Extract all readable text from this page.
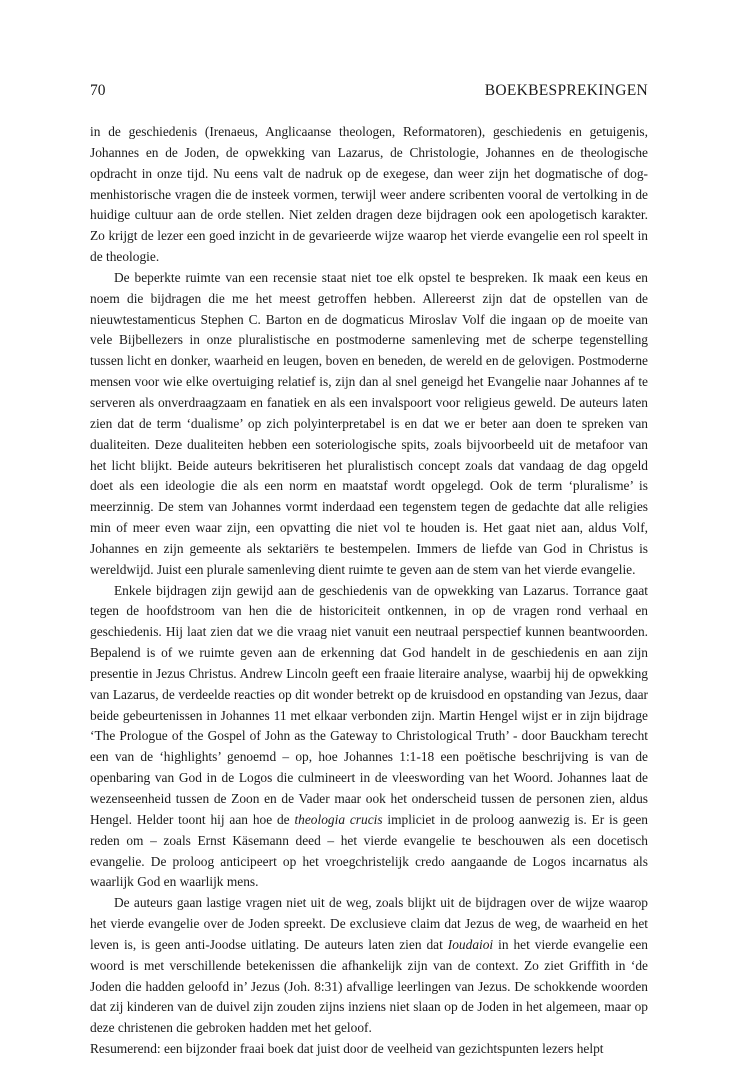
70	BOEKBESPREKINGEN

in de geschiedenis (Irenaeus, Anglicaanse theologen, Reformatoren), geschiedenis en getuigenis, Johannes en de Joden, de opwekking van Lazarus, de Christologie, Johannes en de theologische opdracht in onze tijd. Nu eens valt de nadruk op de exegese, dan weer zijn het dogmatische of dogmenhistorische vragen die de insteek vormen, terwijl weer andere scribenten vooral de vertolking in de huidige cultuur aan de orde stellen. Niet zelden dragen deze bijdragen ook een apologetisch karakter. Zo krijgt de lezer een goed inzicht in de gevarieerde wijze waarop het vierde evangelie een rol speelt in de theologie.

De beperkte ruimte van een recensie staat niet toe elk opstel te bespreken. Ik maak een keus en noem die bijdragen die me het meest getroffen hebben. Allereerst zijn dat de opstellen van de nieuwtestamenticus Stephen C. Barton en de dogmaticus Miroslav Volf die ingaan op de moeite van vele Bijbellezers in onze pluralistische en postmoderne samenleving met de scherpe tegenstelling tussen licht en donker, waarheid en leugen, boven en beneden, de wereld en de gelovigen. Postmoderne mensen voor wie elke overtuiging relatief is, zijn dan al snel geneigd het Evangelie naar Johannes af te serveren als onverdraagzaam en fanatiek en als een invalspoort voor religieus geweld. De auteurs laten zien dat de term ‘dualisme’ op zich polyinterpretabel is en dat we er beter aan doen te spreken van dualiteiten. Deze dualiteiten hebben een soteriologische spits, zoals bijvoorbeeld uit de metafoor van het licht blijkt. Beide auteurs bekritiseren het pluralistisch concept zoals dat vandaag de dag opgeld doet als een ideologie die als een norm en maatstaf wordt opgelegd. Ook de term ‘pluralisme’ is meerzinnig. De stem van Johannes vormt inderdaad een tegenstem tegen de gedachte dat alle religies min of meer even waar zijn, een opvatting die niet vol te houden is. Het gaat niet aan, aldus Volf, Johannes en zijn gemeente als sektariërs te bestempelen. Immers de liefde van God in Christus is wereldwijd. Juist een plurale samenleving dient ruimte te geven aan de stem van het vierde evangelie.

Enkele bijdragen zijn gewijd aan de geschiedenis van de opwekking van Lazarus. Torrance gaat tegen de hoofdstroom van hen die de historiciteit ontkennen, in op de vragen rond verhaal en geschiedenis. Hij laat zien dat we die vraag niet vanuit een neutraal perspectief kunnen beantwoorden. Bepalend is of we ruimte geven aan de erkenning dat God handelt in de geschiedenis en aan zijn presentie in Jezus Christus. Andrew Lincoln geeft een fraaie literaire analyse, waarbij hij de opwekking van Lazarus, de verdeelde reacties op dit wonder betrekt op de kruisdood en opstanding van Jezus, daar beide gebeurtenissen in Johannes 11 met elkaar verbonden zijn. Martin Hengel wijst er in zijn bijdrage ‘The Prologue of the Gospel of John as the Gateway to Christological Truth’ - door Bauckham terecht een van de ‘highlights’ genoemd – op, hoe Johannes 1:1-18 een poëtische beschrijving is van de openbaring van God in de Logos die culmineert in de vleeswording van het Woord. Johannes laat de wezenseenheid tussen de Zoon en de Vader maar ook het onderscheid tussen de personen zien, aldus Hengel. Helder toont hij aan hoe de theologia crucis impliciet in de proloog aanwezig is. Er is geen reden om – zoals Ernst Käsemann deed – het vierde evangelie te beschouwen als een docetisch evangelie. De proloog anticipeert op het vroegchristelijk credo aangaande de Logos incarnatus als waarlijk God en waarlijk mens.

De auteurs gaan lastige vragen niet uit de weg, zoals blijkt uit de bijdragen over de wijze waarop het vierde evangelie over de Joden spreekt. De exclusieve claim dat Jezus de weg, de waarheid en het leven is, is geen anti-Joodse uitlating. De auteurs laten zien dat Ioudaioi in het vierde evangelie een woord is met verschillende betekenissen die afhankelijk zijn van de context. Zo ziet Griffith in ‘de Joden die hadden geloofd in’ Jezus (Joh. 8:31) afvallige leerlingen van Jezus. De schokkende woorden dat zij kinderen van de duivel zijn zouden zijns inziens niet slaan op de Joden in het algemeen, maar op deze christenen die gebroken hadden met het geloof.

Resumerend: een bijzonder fraai boek dat juist door de veelheid van gezichtspunten lezers helpt
